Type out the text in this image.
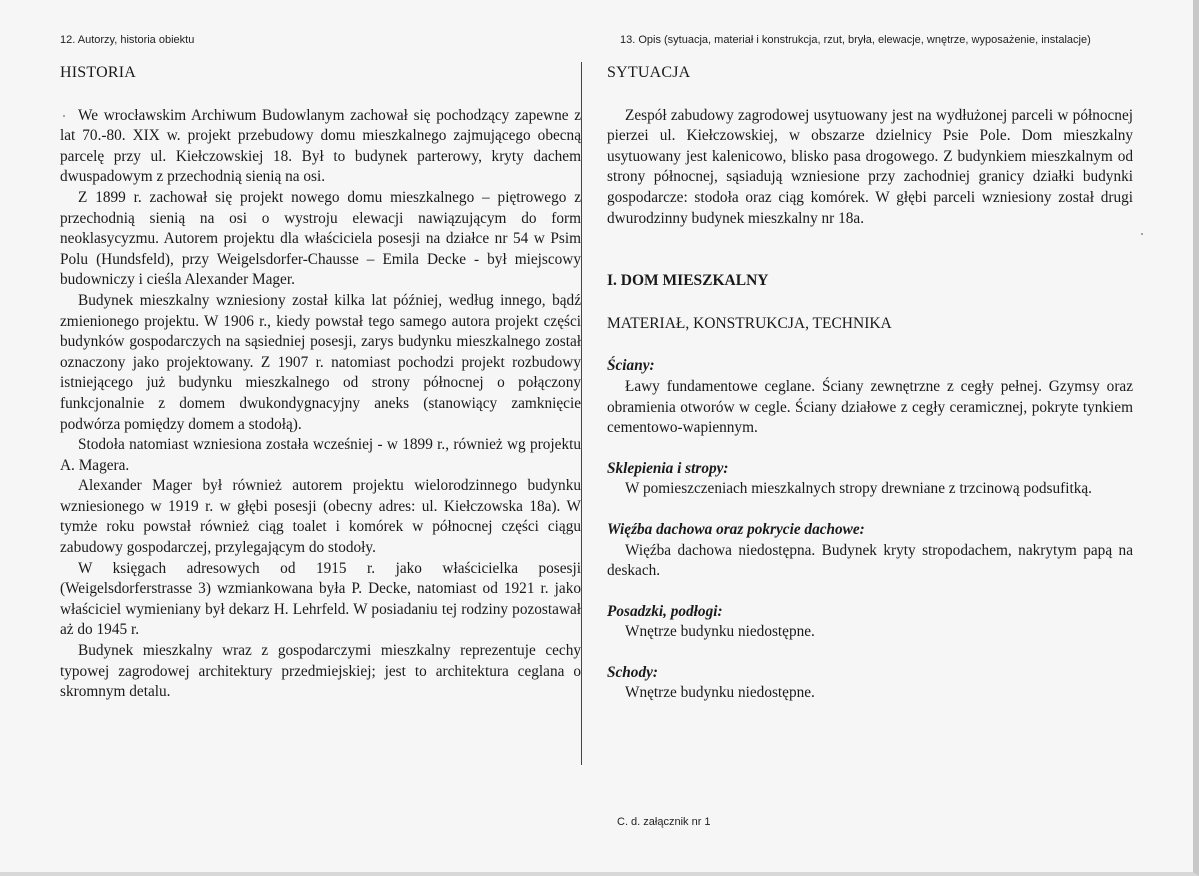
12. Autorzy, historia obiektu	13. Opis (sytuacja, materiał i konstrukcja, rzut, bryła, elewacje, wnętrze, wyposażenie, instalacje)
HISTORIA

We wrocławskim Archiwum Budowlanym zachował się pochodzący zapewne z lat 70.-80. XIX w. projekt przebudowy domu mieszkalnego zajmującego obecną parcelę przy ul. Kiełczowskiej 18. Był to budynek parterowy, kryty dachem dwuspadowym z przechodnią sienią na osi.

Z 1899 r. zachował się projekt nowego domu mieszkalnego – piętrowego z przechodnią sienią na osi o wystroju elewacji nawiązującym do form neoklasycyzmu. Autorem projektu dla właściciela posesji na działce nr 54 w Psim Polu (Hundsfeld), przy Weigelsdorfer-Chausse – Emila Decke - był miejscowy budowniczy i cieśla Alexander Mager.

Budynek mieszkalny wzniesiony został kilka lat później, według innego, bądź zmienionego projektu. W 1906 r., kiedy powstał tego samego autora projekt części budynków gospodarczych na sąsiedniej posesji, zarys budynku mieszkalnego został oznaczony jako projektowany. Z 1907 r. natomiast pochodzi projekt rozbudowy istniejącego już budynku mieszkalnego od strony północnej o połączony funkcjonalnie z domem dwukondygnacyjny aneks (stanowiący zamknięcie podwórza pomiędzy domem a stodołą).

Stodoła natomiast wzniesiona została wcześniej - w 1899 r., również wg projektu A. Magera.

Alexander Mager był również autorem projektu wielorodzinnego budynku wzniesionego w 1919 r. w głębi posesji (obecny adres: ul. Kiełczowska 18a). W tymże roku powstał również ciąg toalet i komórek w północnej części ciągu zabudowy gospodarczej, przylegającym do stodoły.

W księgach adresowych od 1915 r. jako właścicielka posesji (Weigelsdorferstrasse 3) wzmiankowana była P. Decke, natomiast od 1921 r. jako właściciel wymieniany był dekarz H. Lehrfeld. W posiadaniu tej rodziny pozostawał aż do 1945 r.

Budynek mieszkalny wraz z gospodarczymi mieszkalny reprezentuje cechy typowej zagrodowej architektury przedmiejskiej; jest to architektura ceglana o skromnym detalu.

SYTUACJA

Zespół zabudowy zagrodowej usytuowany jest na wydłużonej parceli w północnej pierzei ul. Kiełczowskiej, w obszarze dzielnicy Psie Pole. Dom mieszkalny usytuowany jest kalenicowo, blisko pasa drogowego. Z budynkiem mieszkalnym od strony północnej, sąsiadują wzniesione przy zachodniej granicy działki budynki gospodarcze: stodoła oraz ciąg komórek. W głębi parceli wzniesiony został drugi dwurodzinny budynek mieszkalny nr 18a.

I. DOM MIESZKALNY
MATERIAŁ, KONSTRUKCJA, TECHNIKA
Ściany:
Ławy fundamentowe ceglane. Ściany zewnętrzne z cegły pełnej. Gzymsy oraz obramienia otworów w cegle. Ściany działowe z cegły ceramicznej, pokryte tynkiem cementowo-wapiennym.
Sklepienia i stropy:
W pomieszczeniach mieszkalnych stropy drewniane z trzcinową podsufitką.
Więźba dachowa oraz pokrycie dachowe:
Więźba dachowa niedostępna. Budynek kryty stropodachem, nakrytym papą na deskach.
Posadzki, podłogi:
Wnętrze budynku niedostępne.
Schody:
Wnętrze budynku niedostępne.
C. d. załącznik nr 1
